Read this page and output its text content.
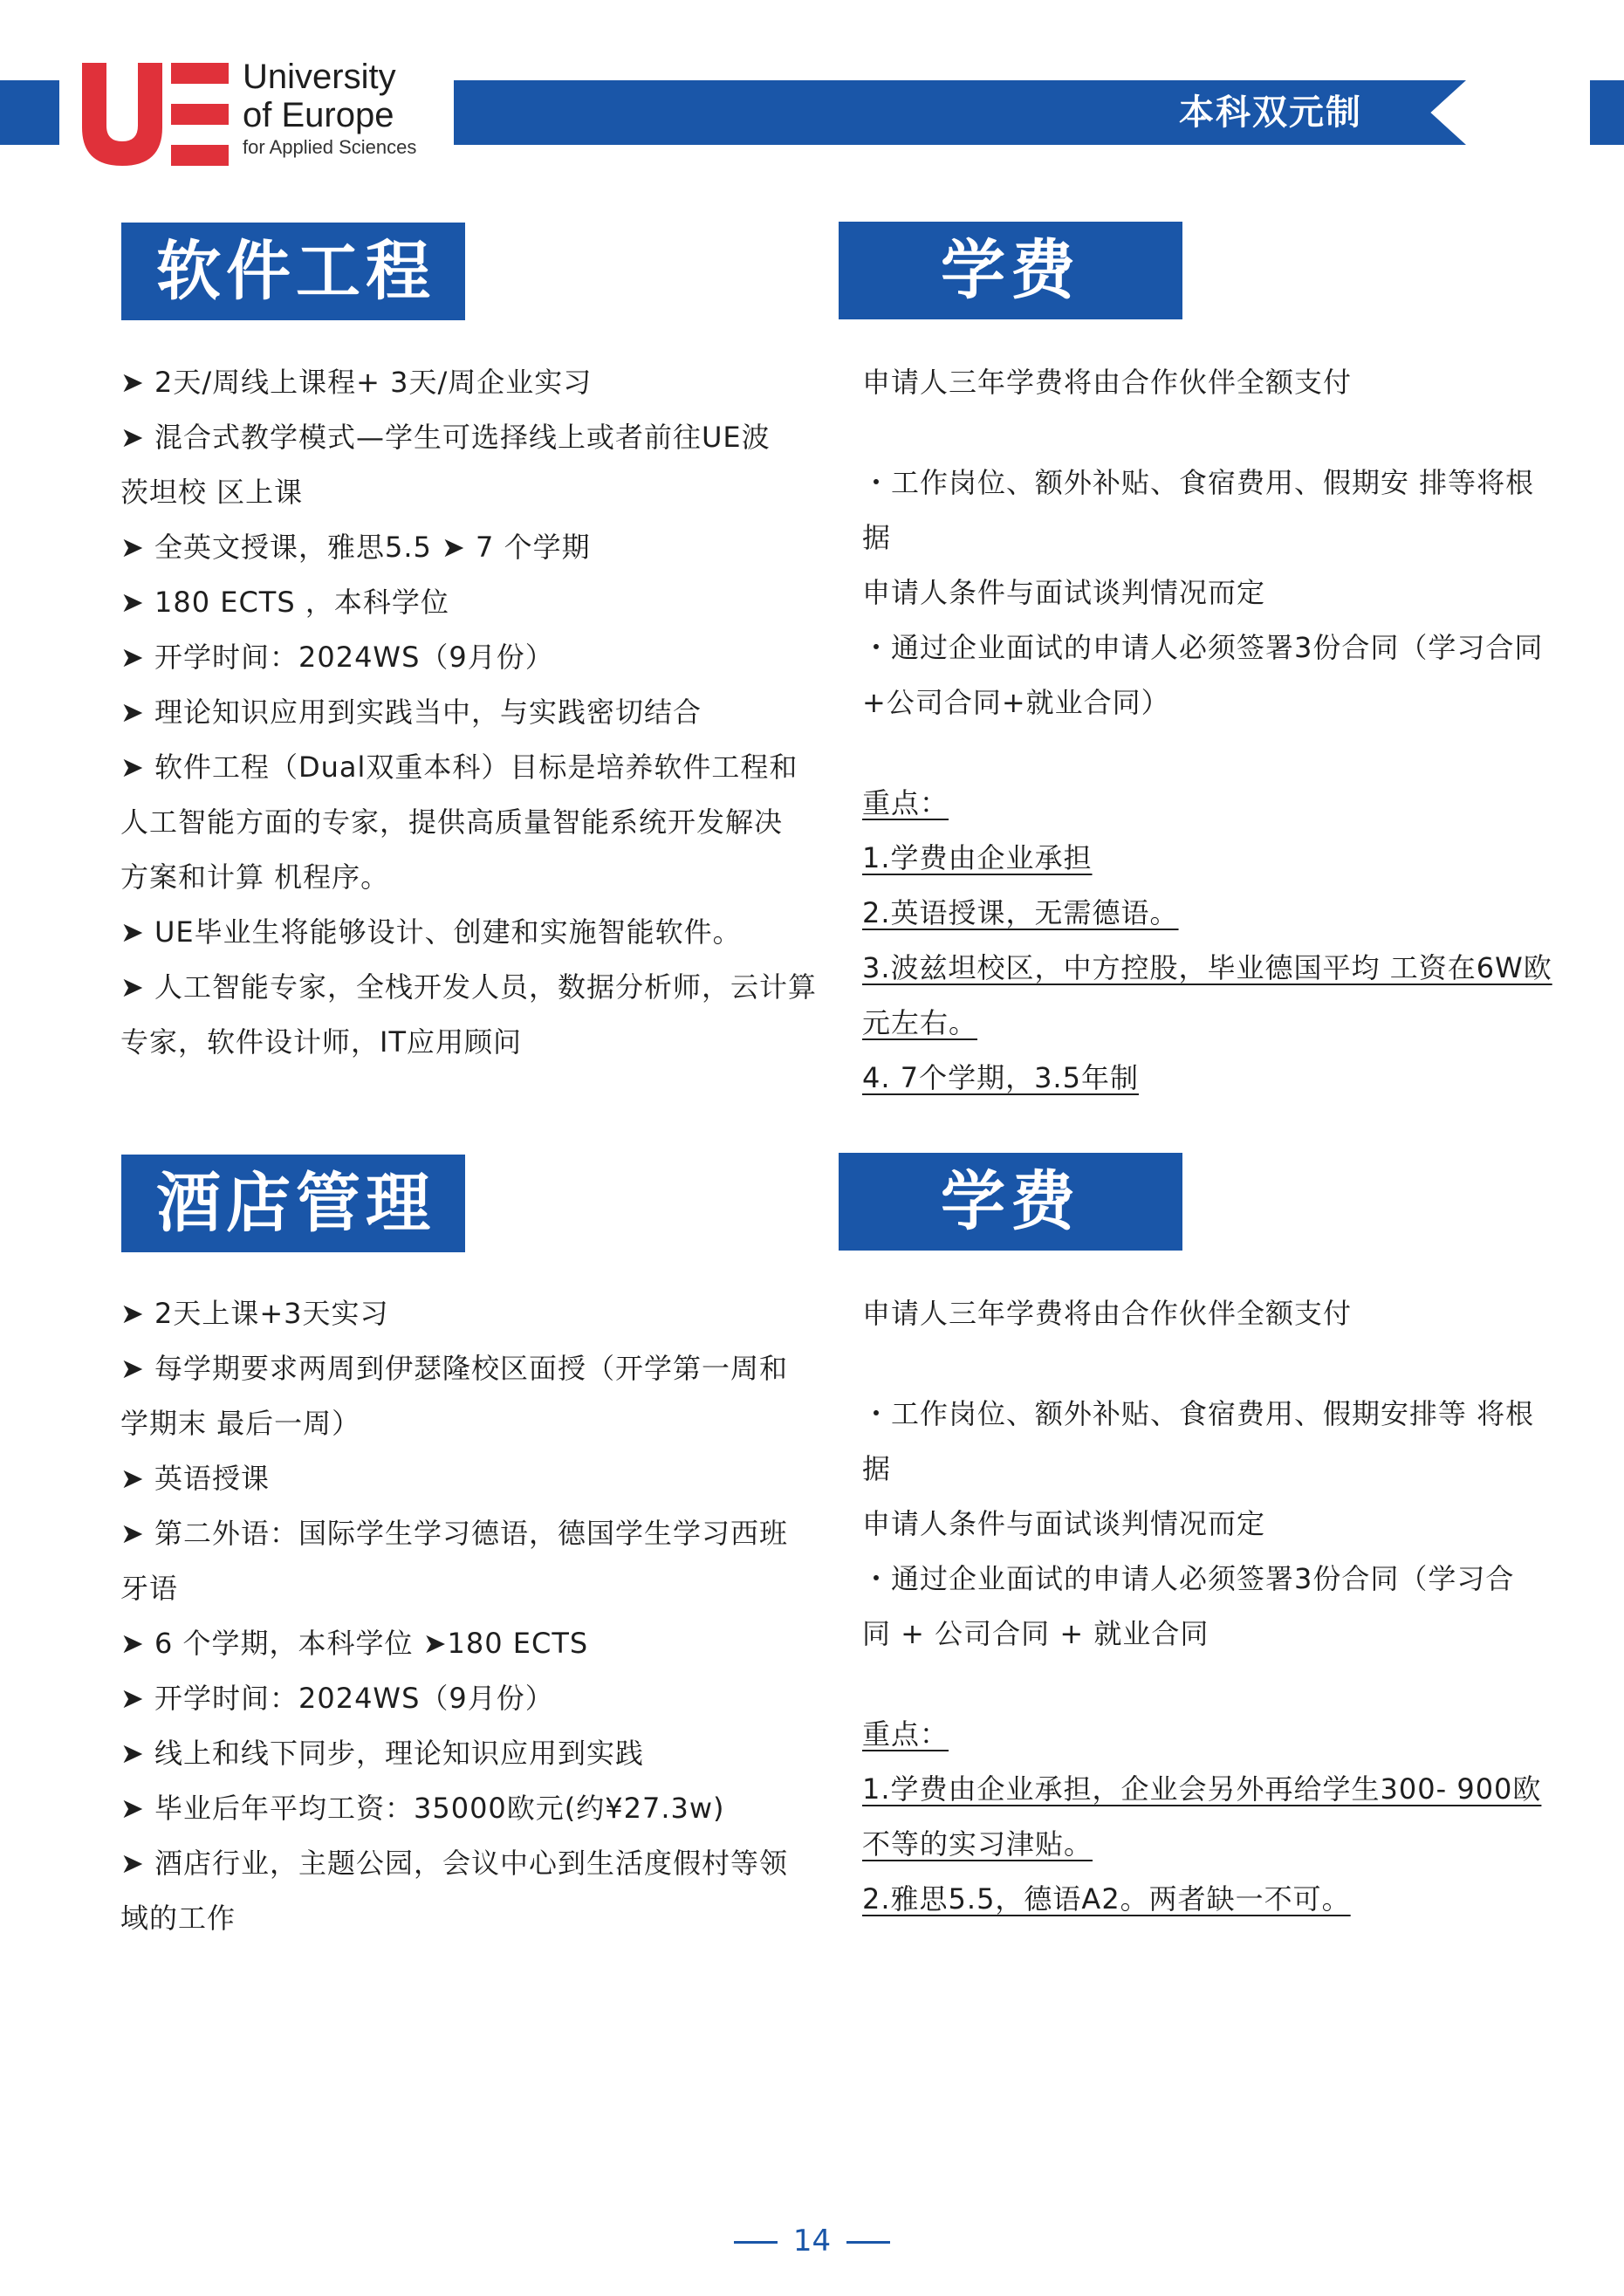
本科双元制
University
of Europe
for Applied Sciences
软件工程	学费

➤ 2天/周线上课程+ 3天/周企业实习

➤ 混合式教学模式—学生可选择线上或者前往UE波

茨坦校 区上课

➤ 全英文授课，雅思5.5 ➤ 7 个学期

➤ 180 ECTS ，本科学位

➤ 开学时间：2024WS（9月份）

➤ 理论知识应用到实践当中，与实践密切结合

➤ 软件工程（Dual双重本科）目标是培养软件工程和

人工智能方面的专家，提供高质量智能系统开发解决

方案和计算 机程序。

➤ UE毕业生将能够设计、创建和实施智能软件。

➤ 人工智能专家，全栈开发人员，数据分析师，云计算

专家，软件设计师，IT应用顾问

申请人三年学费将由合作伙伴全额支付

・工作岗位、额外补贴、食宿费用、假期安 排等将根据

申请人条件与面试谈判情况而定

・通过企业面试的申请人必须签署3份合同（学习合同

+公司合同+就业合同）

重点：

1.学费由企业承担

2.英语授课，无需德语。

3.波兹坦校区，中方控股，毕业德国平均 工资在6W欧

元左右。

4. 7个学期，3.5年制

酒店管理	学费

➤ 2天上课+3天实习

➤ 每学期要求两周到伊瑟隆校区面授（开学第一周和

学期末 最后一周）

➤ 英语授课

➤ 第二外语：国际学生学习德语，德国学生学习西班

牙语

➤ 6 个学期，本科学位 ➤180 ECTS

➤ 开学时间：2024WS（9月份）

➤ 线上和线下同步，理论知识应用到实践

➤ 毕业后年平均工资：35000欧元(约¥27.3w)

➤ 酒店行业，主题公园，会议中心到生活度假村等领

域的工作

申请人三年学费将由合作伙伴全额支付

・工作岗位、额外补贴、食宿费用、假期安排等 将根据

申请人条件与面试谈判情况而定

・通过企业面试的申请人必须签署3份合同（学习合

同 + 公司合同 + 就业合同

重点：

1.学费由企业承担，企业会另外再给学生300- 900欧

不等的实习津贴。

2.雅思5.5，德语A2。两者缺一不可。

14
